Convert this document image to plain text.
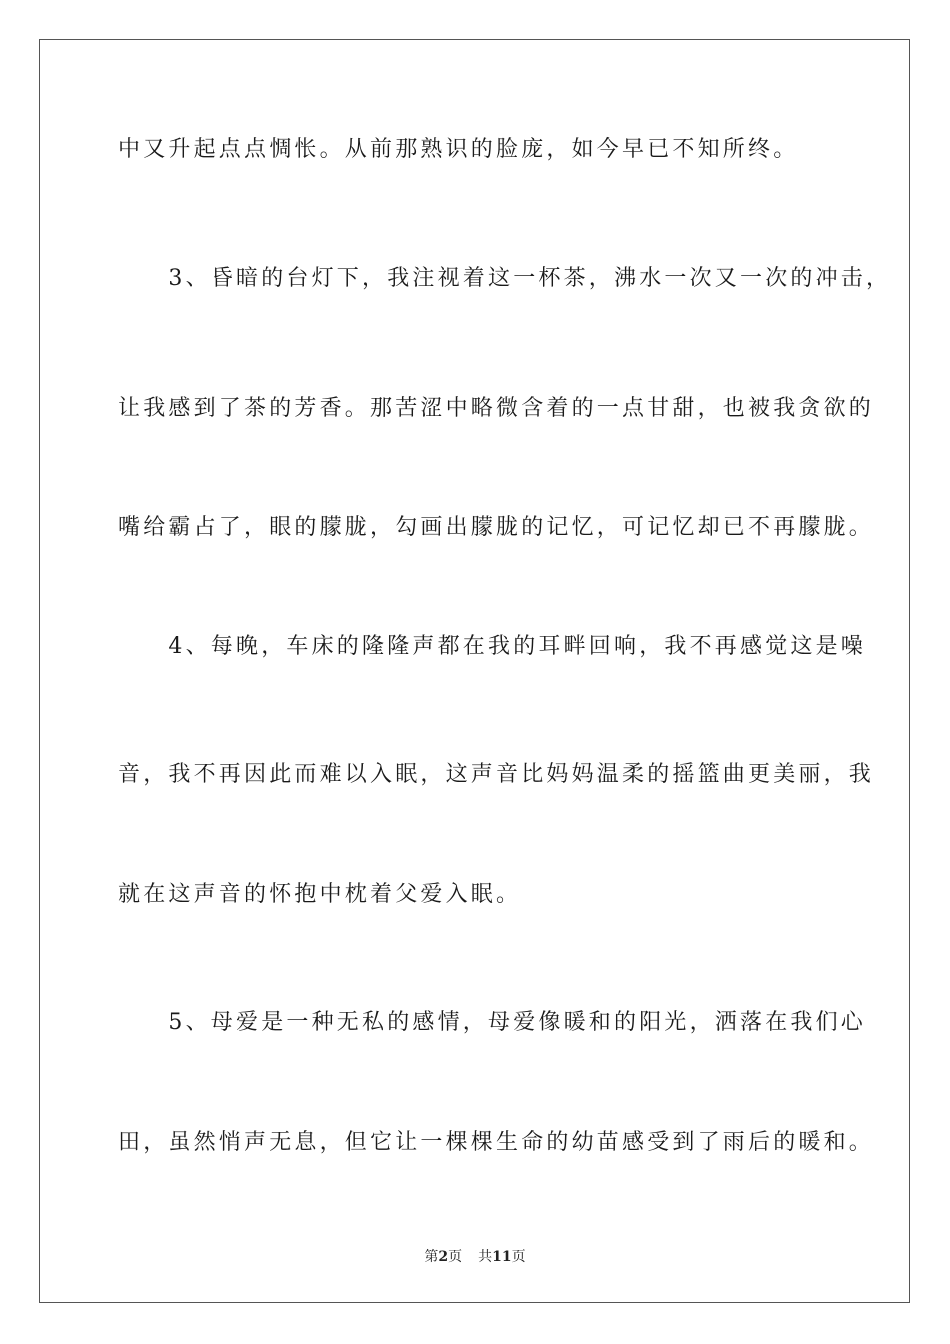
中又升起点点惆怅。从前那熟识的脸庞，如今早已不知所终。
　　3、昏暗的台灯下，我注视着这一杯茶，沸水一次又一次的冲击，
让我感到了茶的芳香。那苦涩中略微含着的一点甘甜，也被我贪欲的
嘴给霸占了，眼的朦胧，勾画出朦胧的记忆，可记忆却已不再朦胧。
　　4、每晚，车床的隆隆声都在我的耳畔回响，我不再感觉这是噪
音，我不再因此而难以入眠，这声音比妈妈温柔的摇篮曲更美丽，我
就在这声音的怀抱中枕着父爱入眠。
　　5、母爱是一种无私的感情，母爱像暖和的阳光，洒落在我们心
田，虽然悄声无息，但它让一棵棵生命的幼苗感受到了雨后的暖和。
第2页 共11页
